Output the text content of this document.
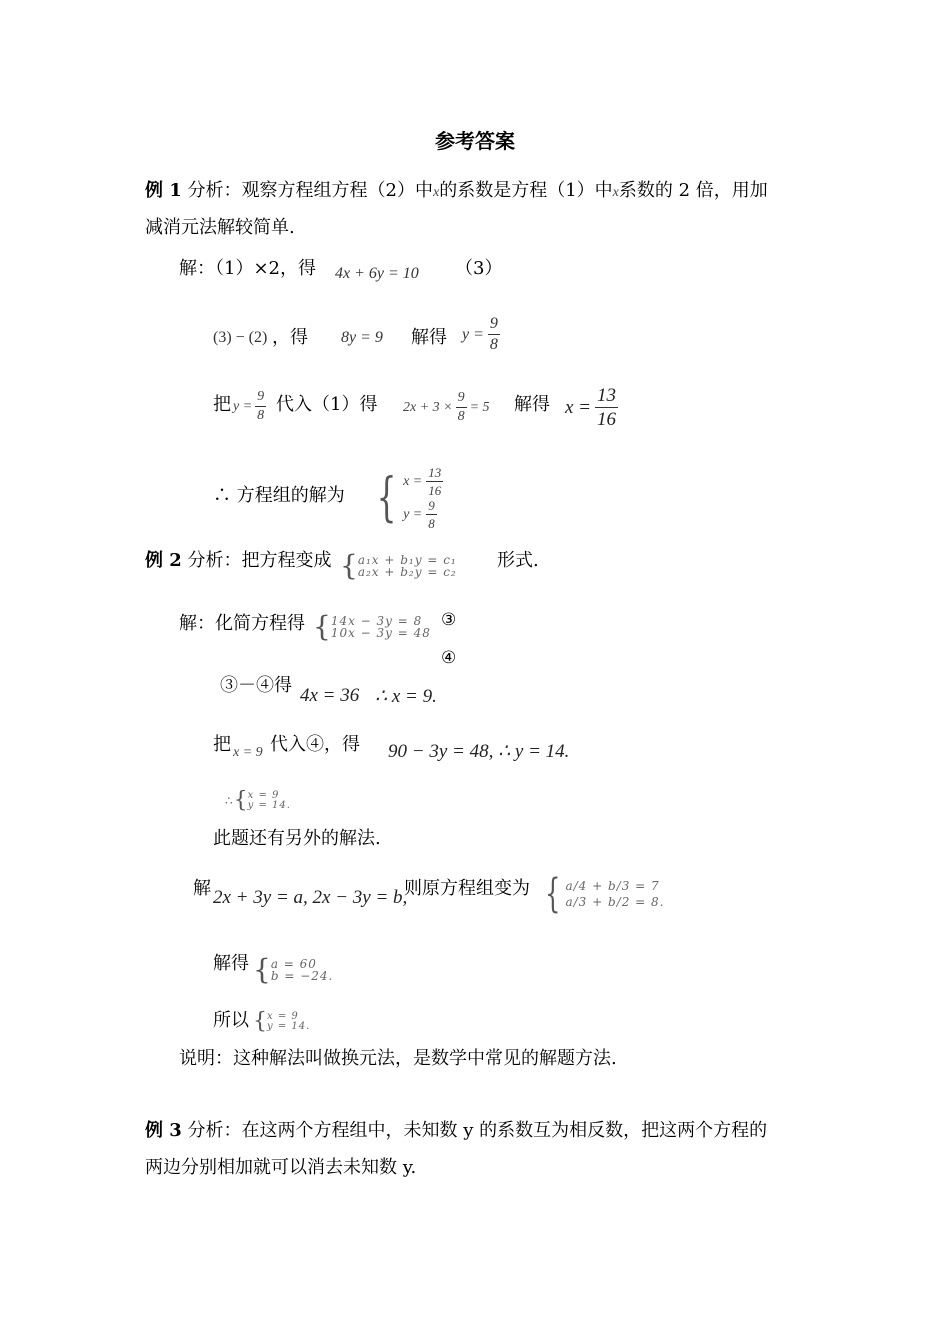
参考答案
例 1 分析：观察方程组方程（2）中x的系数是方程（1）中x系数的 2 倍，用加
减消元法解较简单.
解：（1）×2，得 4x + 6y = 10 （3）
(3) − (2) ，得 8y = 9 解得 $y = \frac{9}{8}$
把 $y = \frac{9}{8}$ 代入（1）得 $2x + 3 \times \frac{9}{8} = 5$ 解得 $x = \frac{13}{16}$
∴ 方程组的解为 { $x = \frac{13}{16}$
$y = \frac{9}{8}$
例 2 分析：把方程变成 { a₁x + b₁y = c₁
a₂x + b₂y = c₂
形式.
解：化简方程得 { 14x − 3y = 8
10x − 3y = 48
③
④
③－④得 4x = 36 ∴ x = 9.
把 x = 9 代入④，得 90 − 3y = 48, ∴ y = 14.
∴ { x = 9
y = 14.
此题还有另外的解法.
解 2x + 3y = a, 2x − 3y = b,
则原方程组变为 { a/4 + b/3 = 7
a/3 + b/2 = 8.
解得 { a = 60
b = −24.
所以 { x = 9
y = 14.
说明：这种解法叫做换元法，是数学中常见的解题方法.
例 3 分析：在这两个方程组中，未知数 y 的系数互为相反数，把这两个方程的
两边分别相加就可以消去未知数 y.
